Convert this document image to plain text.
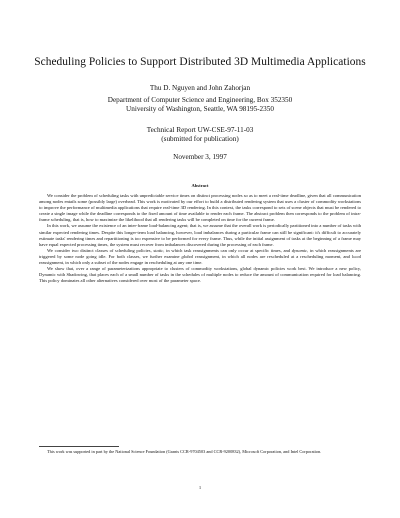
Scheduling Policies to Support Distributed 3D Multimedia Applications
Thu D. Nguyen and John Zahorjan
Department of Computer Science and Engineering, Box 352350
University of Washington, Seattle, WA 98195-2350
Technical Report UW-CSE-97-11-03
(submitted for publication)
November 3, 1997
Abstract

We consider the problem of scheduling tasks with unpredictable service times on distinct processing nodes so as to meet a real-time deadline, given that all communication among nodes entails some (possibly large) overhead. This work is motivated by our effort to build a distributed rendering system that uses a cluster of commodity workstations to improve the performance of multimedia applications that require real-time 3D rendering. In this context, the tasks correspond to sets of scene objects that must be rendered to create a single image while the deadline corresponds to the fixed amount of time available to render each frame. The abstract problem then corresponds to the problem of intra-frame scheduling, that is, how to maximize the likelihood that all rendering tasks will be completed on time for the current frame.

In this work, we assume the existence of an inter-frame load-balancing agent; that is, we assume that the overall work is periodically partitioned into a number of tasks with similar expected rendering times. Despite this longer-term load balancing, however, load imbalances during a particular frame can still be significant: it's difficult to accurately estimate tasks' rendering times and repartitioning is too expensive to be performed for every frame. Thus, while the initial assignment of tasks at the beginning of a frame may have equal expected processing times, the system must recover from imbalances discovered during the processing of each frame.

We consider two distinct classes of scheduling policies, static, in which task reassignments can only occur at specific times, and dynamic, in which reassignments are triggered by some node going idle. For both classes, we further examine global reassignment, in which all nodes are rescheduled at a rescheduling moment, and local reassignment, in which only a subset of the nodes engage in rescheduling at any one time.

We show that, over a range of parameterizations appropriate to clusters of commodity workstations, global dynamic policies work best. We introduce a new policy, Dynamic with Shadowing, that places each of a small number of tasks in the schedules of multiple nodes to reduce the amount of communication required for load balancing. This policy dominates all other alternatives considered over most of the parameter space.

This work was supported in part by the National Science Foundation (Grants CCR-9704503 and CCR-9200832), Microsoft Corporation, and Intel Corporation.
1
